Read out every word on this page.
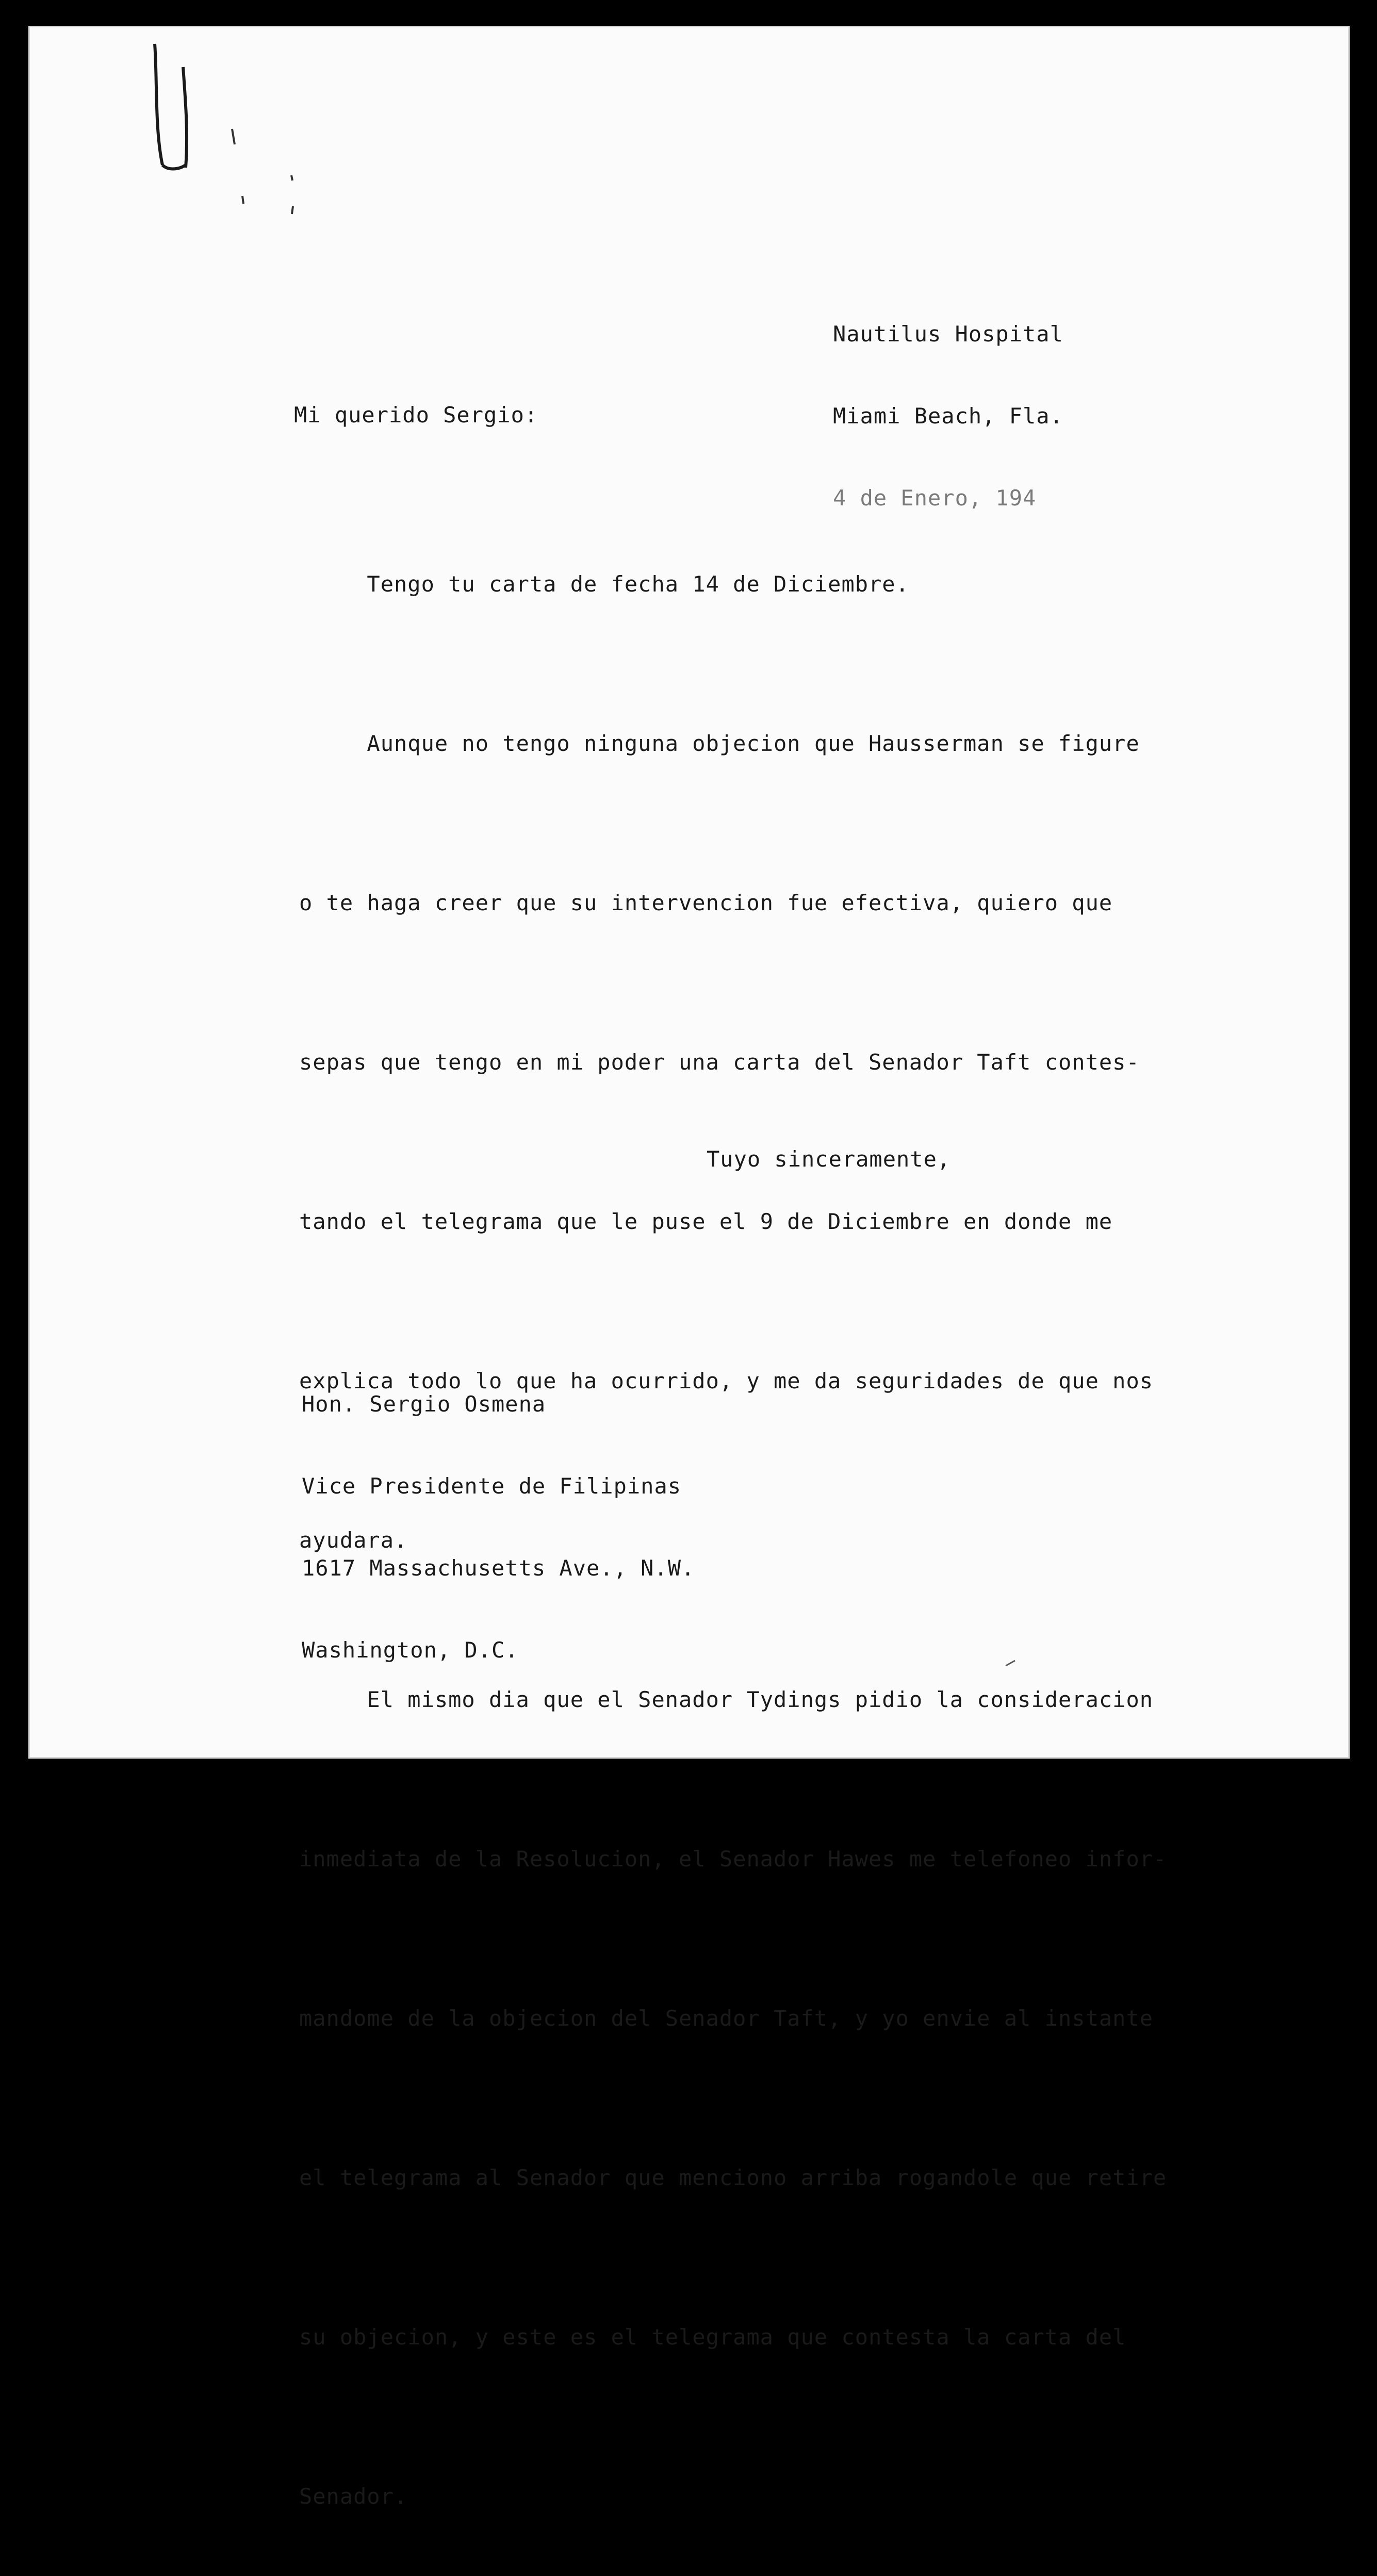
Nautilus Hospital

Miami Beach, Fla.

4 de Enero, 194

Mi querido Sergio:

Tengo tu carta de fecha 14 de Diciembre.

Aunque no tengo ninguna objecion que Hausserman se figure

o te haga creer que su intervencion fue efectiva, quiero que

sepas que tengo en mi poder una carta del Senador Taft contes-

tando el telegrama que le puse el 9 de Diciembre en donde me

explica todo lo que ha ocurrido, y me da seguridades de que nos

ayudara.

El mismo dia que el Senador Tydings pidio la consideracion

inmediata de la Resolucion, el Senador Hawes me telefoneo infor-

mandome de la objecion del Senador Taft, y yo envie al instante

el telegrama al Senador que menciono arriba rogandole que retire

su objecion, y este es el telegrama que contesta la carta del

Senador.

Tuyo sinceramente,

Hon. Sergio Osmena

Vice Presidente de Filipinas

1617 Massachusetts Ave., N.W.

Washington, D.C.
